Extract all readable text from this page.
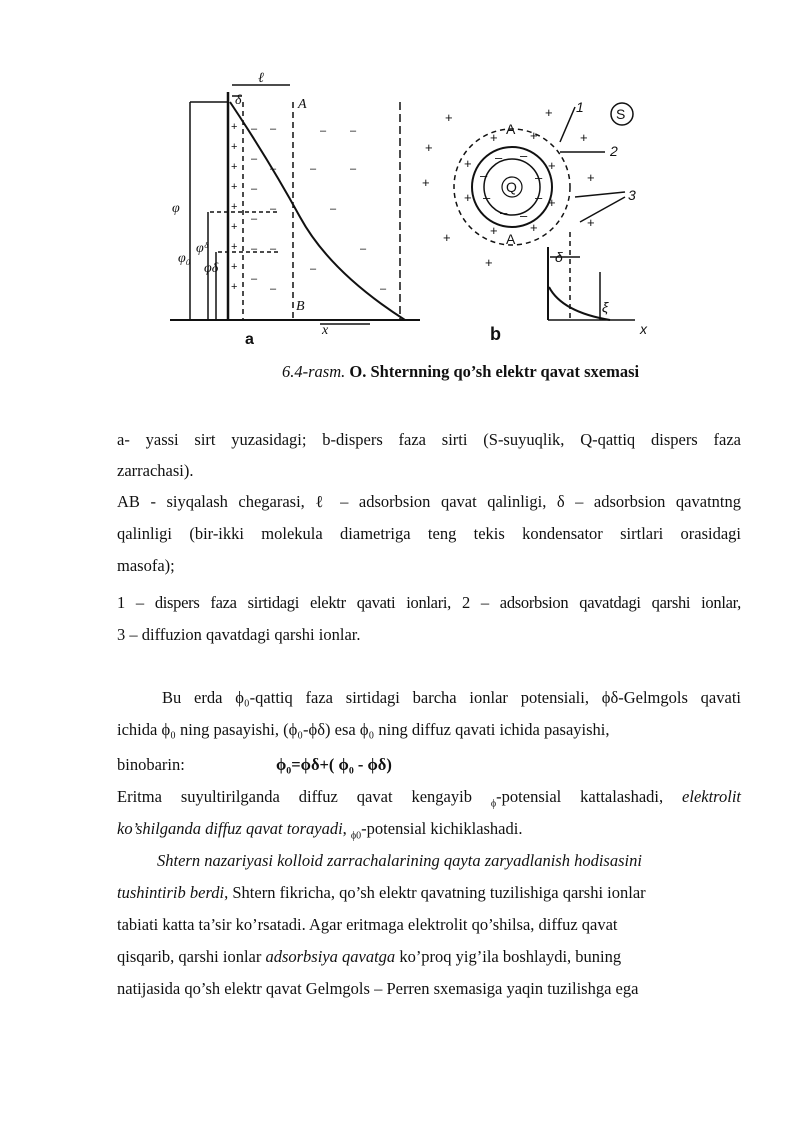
+
+
+
+
+
+
+
+
+
–
–
–
–
–
–
–
–
–
–
–
– –
–	–
–
–
–
–
δ
ℓ
A
B
x
φ
φ₀
φᵟ
φδ
a
+
+
+
+
+
+
+
+
+
+
+
+ +
+
+
+ +
–
– –
–
–
–
–
–
S
Q
A
A
1
2
3
δ
ξ
x
b
6.4-rasm. O. Shternning qo’sh elektr qavat sxemasi
a- yassi sirt yuzasidagi; b-dispers faza sirti (S-suyuqlik, Q-qattiq dispers faza
zarrachasi).
AB - siyqalash chegarasi, ℓ – adsorbsion qavat qalinligi, δ – adsorbsion qavatntng
qalinligi (bir-ikki molekula diametriga teng tekis kondensator sirtlari orasidagi
masofa);
1 – dispers faza sirtidagi elektr qavati ionlari, 2 – adsorbsion qavatdagi qarshi ionlar,
3 – diffuzion qavatdagi qarshi ionlar.
Bu erda ϕ₀-qattiq faza sirtidagi barcha ionlar potensiali, ϕδ-Gelmgols qavati
ichida ϕ₀ ning pasayishi, (ϕ₀-ϕδ) esa ϕ₀ ning diffuz qavati ichida pasayishi,
binobarin:	ϕ₀=ϕδ+( ϕ₀ - ϕδ)
Eritma suyultirilganda diffuz qavat kengayib $_\phi$-potensial kattalashadi, elektrolit
ko’shilganda diffuz qavat torayadi, $_{\phi 0}$-potensial kichiklashadi.
Shtern nazariyasi kolloid zarrachalarining qayta zaryadlanish hodisasini
tushintirib berdi, Shtern fikricha, qo’sh elektr qavatning tuzilishiga qarshi ionlar
tabiati katta ta’sir ko’rsatadi. Agar eritmaga elektrolit qo’shilsa, diffuz qavat
qisqarib, qarshi ionlar adsorbsiya qavatga ko’proq yig’ila boshlaydi, buning
natijasida qo’sh elektr qavat Gelmgols – Perren sxemasiga yaqin tuzilishga ega
